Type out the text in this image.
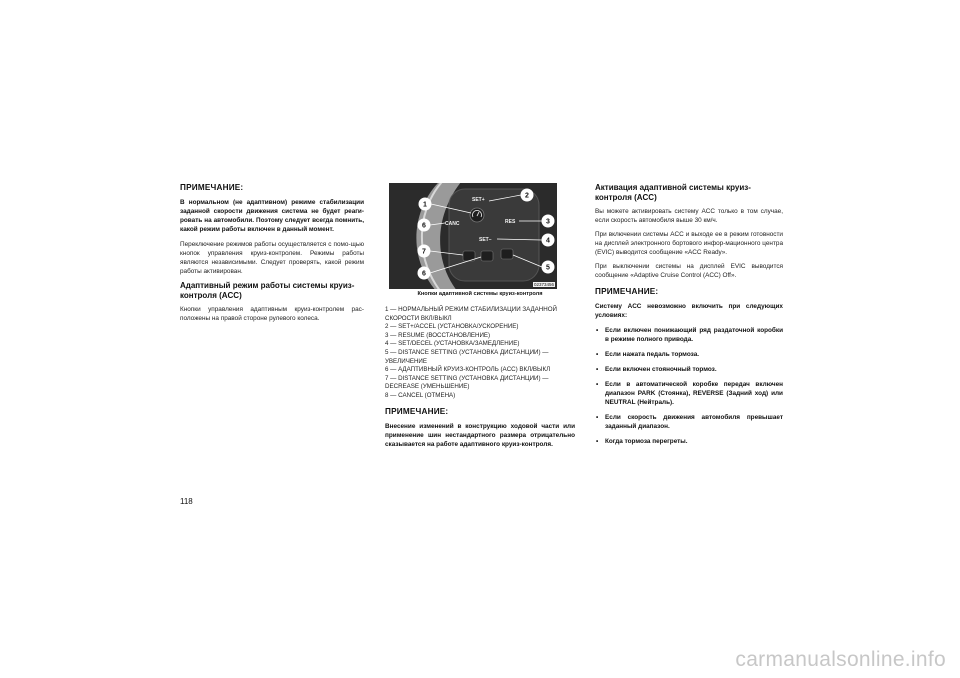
ПРИМЕЧАНИЕ:
В нормальном (не адаптивном) режиме стабилизации заданной скорости движения система не будет реаги-ровать на автомобили. Поэтому следует всегда помнить, какой режим работы включен в данный момент.
Переключение режимов работы осуществляется с помо-щью кнопок управления круиз-контролем. Режимы работы являются независимыми. Следует проверять, какой режим работы активирован.
Адаптивный режим работы системы круиз-контроля (ACC)
Кнопки управления адаптивным круиз-контролем рас-положены на правой стороне рулевого колеса.
SET+
RES
SET–
CANC
1
2
3
4
5
6
7
6
02373456
Кнопки адаптивной системы круиз-контроля
1 — НОРМАЛЬНЫЙ РЕЖИМ СТАБИЛИЗАЦИИ ЗАДАННОЙ СКОРОСТИ ВКЛ/ВЫКЛ
2 — SET+/ACCEL (УСТАНОВКА/УСКОРЕНИЕ)
3 — RESUME (ВОССТАНОВЛЕНИЕ)
4 — SET/DECEL (УСТАНОВКА/ЗАМЕДЛЕНИЕ)
5 — DISTANCE SETTING (УСТАНОВКА ДИСТАНЦИИ) — УВЕЛИЧЕНИЕ
6 — АДАПТИВНЫЙ КРУИЗ-КОНТРОЛЬ (ACC) ВКЛ/ВЫКЛ
7 — DISTANCE SETTING (УСТАНОВКА ДИСТАНЦИИ) — DECREASE (УМЕНЬШЕНИЕ)
8 — CANCEL (ОТМЕНА)
ПРИМЕЧАНИЕ:
Внесение изменений в конструкцию ходовой части или применение шин нестандартного размера отрицательно сказывается на работе адаптивного круиз-контроля.
Активация адаптивной системы круиз-контроля (ACC)
Вы можете активировать систему ACC только в том случае, если скорость автомобиля выше 30 км/ч.
При включении системы ACC и выходе ее в режим готовности на дисплей электронного бортового инфор-мационного центра (EVIC) выводится сообщение «ACC Ready».
При выключении системы на дисплей EVIC выводится сообщение «Adaptive Cruise Control (ACC) Off».
ПРИМЕЧАНИЕ:
Систему ACC невозможно включить при следующих условиях:
• Если включен понижающий ряд раздаточной коробки в режиме полного привода.
• Если нажата педаль тормоза.
• Если включен стояночный тормоз.
• Если в автоматической коробке передач включен диапазон PARK (Стоянка), REVERSE (Задний ход) или NEUTRAL (Нейтраль).
• Если скорость движения автомобиля превышает заданный диапазон.
• Когда тормоза перегреты.
118
carmanualsonline.info
